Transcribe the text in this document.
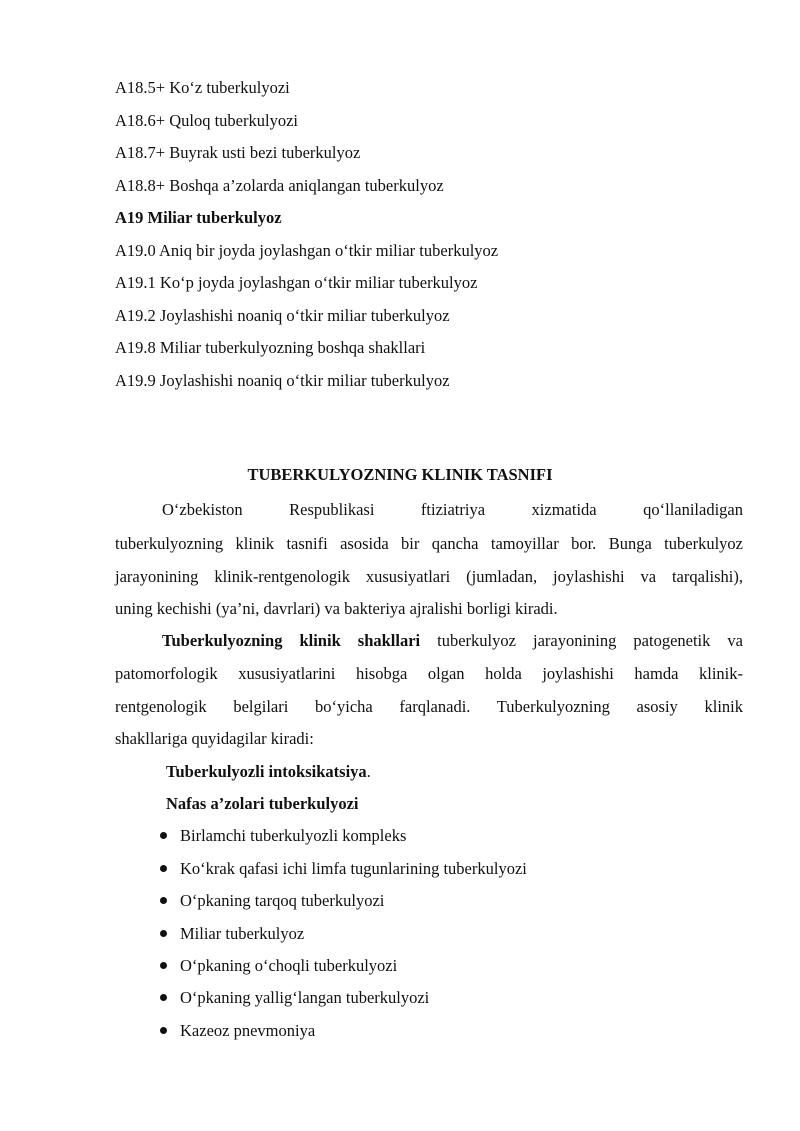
A18.5+ Ko‘z tuberkulyozi
A18.6+ Quloq tuberkulyozi
A18.7+ Buyrak usti bezi tuberkulyoz
A18.8+ Boshqa a’zolarda aniqlangan tuberkulyoz
A19 Miliar tuberkulyoz
A19.0 Aniq bir joyda joylashgan o‘tkir miliar tuberkulyoz
A19.1 Ko‘p joyda joylashgan o‘tkir miliar tuberkulyoz
A19.2 Joylashishi noaniq o‘tkir miliar tuberkulyoz
A19.8 Miliar tuberkulyozning boshqa shakllari
A19.9 Joylashishi noaniq o‘tkir miliar tuberkulyoz
TUBERKULYOZNING KLINIK TASNIFI
O‘zbekiston Respublikasi ftiziatriya xizmatida qo‘llaniladigan
tuberkulyozning klinik tasnifi asosida bir qancha tamoyillar bor. Bunga tuberkulyoz
jarayonining klinik-rentgenologik xususiyatlari (jumladan, joylashishi va tarqalishi),
uning kechishi (ya’ni, davrlari) va bakteriya ajralishi borligi kiradi.
Tuberkulyozning klinik shakllari tuberkulyoz jarayonining patogenetik va
patomorfologik xususiyatlarini hisobga olgan holda joylashishi hamda klinik-
rentgenologik belgilari bo‘yicha farqlanadi. Tuberkulyozning asosiy klinik
shakllariga quyidagilar kiradi:
Tuberkulyozli intoksikatsiya.
Nafas a’zolari tuberkulyozi
Birlamchi tuberkulyozli kompleks
Ko‘krak qafasi ichi limfa tugunlarining tuberkulyozi
O‘pkaning tarqoq tuberkulyozi
Miliar tuberkulyoz
O‘pkaning o‘choqli tuberkulyozi
O‘pkaning yallig‘langan tuberkulyozi
Kazeoz pnevmoniya
